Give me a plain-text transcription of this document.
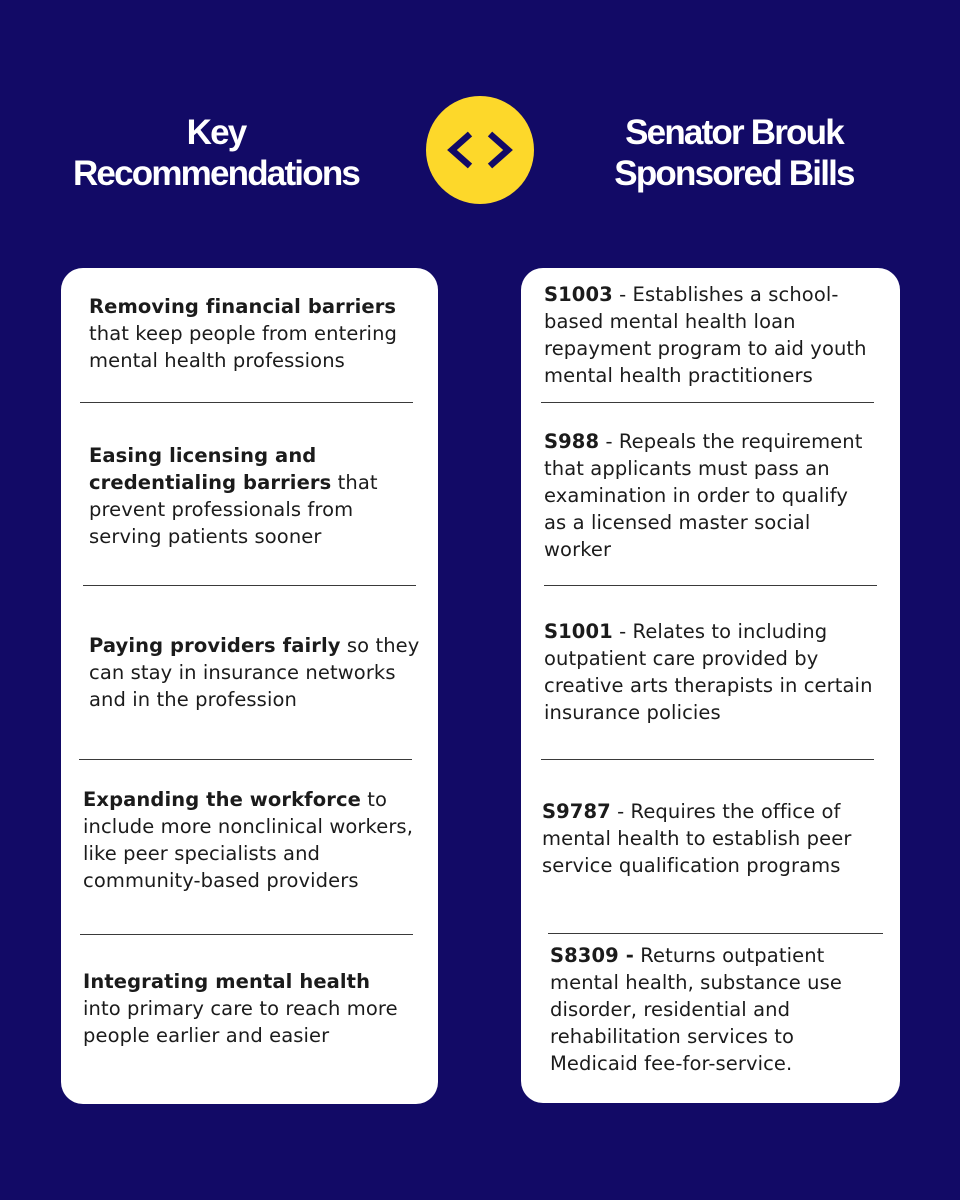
Key
Recommendations
Senator Brouk
Sponsored Bills
Removing financial barriers that keep people from entering mental health professions
Easing licensing and credentialing barriers that prevent professionals from serving patients sooner
Paying providers fairly so they can stay in insurance networks and in the profession
Expanding the workforce to include more nonclinical workers, like peer specialists and community-based providers
Integrating mental health into primary care to reach more people earlier and easier
S1003 - Establishes a school-based mental health loan repayment program to aid youth mental health practitioners
S988 - Repeals the requirement that applicants must pass an examination in order to qualify as a licensed master social worker
S1001 - Relates to including outpatient care provided by creative arts therapists in certain insurance policies
S9787 - Requires the office of mental health to establish peer service qualification programs
S8309 - Returns outpatient mental health, substance use disorder, residential and rehabilitation services to Medicaid fee-for-service.
